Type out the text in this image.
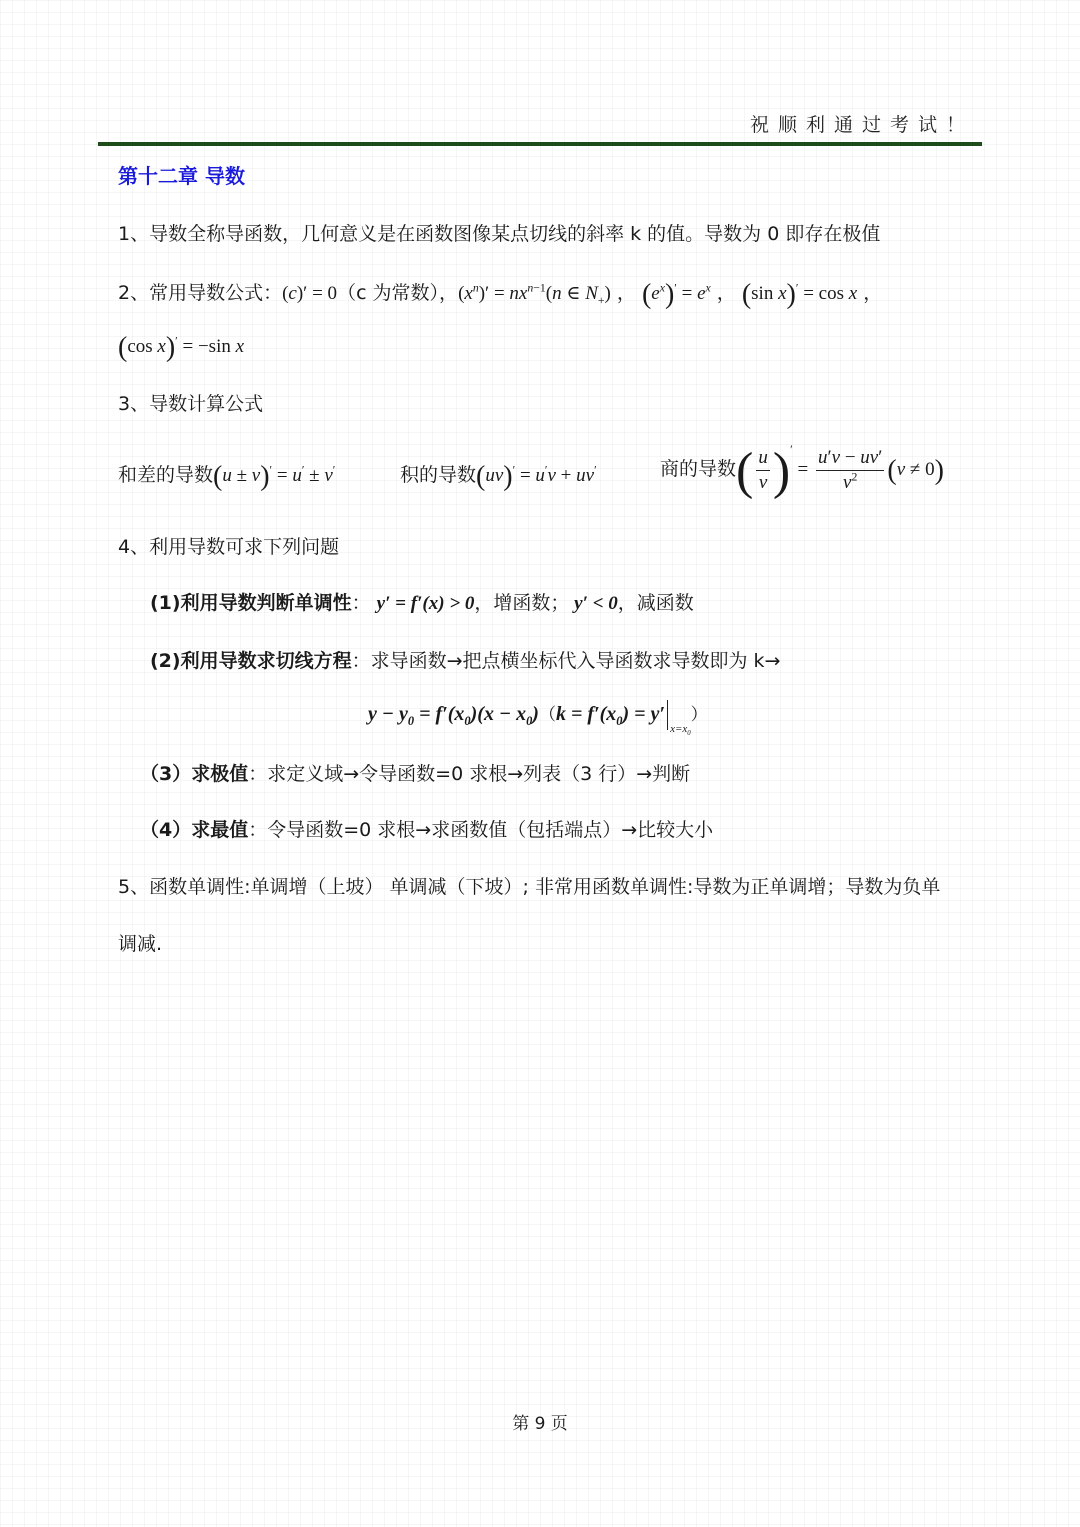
祝顺利通过考试！
第十二章 导数
1、导数全称导函数，几何意义是在函数图像某点切线的斜率 k 的值。导数为 0 即存在极值
2、常用导数公式：(c)′ = 0（c 为常数），$(x^n)' = nx^{n-1}(n$ ∈ $N_+$) ， $(e^x)' = e^x$ ， (sin x)′ = cos x ，
(cos x)′ = −sin x
3、导数计算公式
和差的导数(u ± v)′ = u′ ± v′	积的导数(uv)′ = u′v + uv′	商的导数( $\frac{u}{v} )' = \frac{u'v - uv'}{v^2} (v \ne 0)$
4、利用导数可求下列问题
(1)利用导数判断单调性： y′ = f′(x) > 0，增函数； y′ < 0，减函数
(2)利用导数求切线方程：求导函数→把点横坐标代入导函数求导数即为 k→
$y - y_0 = f'(x_0)(x - x_0)(k = f'(x_0) = y'_{x=x_0})$
（3）求极值：求定义域→令导函数=0 求根→列表（3 行）→判断
（4）求最值：令导函数=0 求根→求函数值（包括端点）→比较大小
5、函数单调性:单调增（上坡） 单调减（下坡）; 非常用函数单调性:导数为正单调增；导数为负单
调减.
第 9 页
